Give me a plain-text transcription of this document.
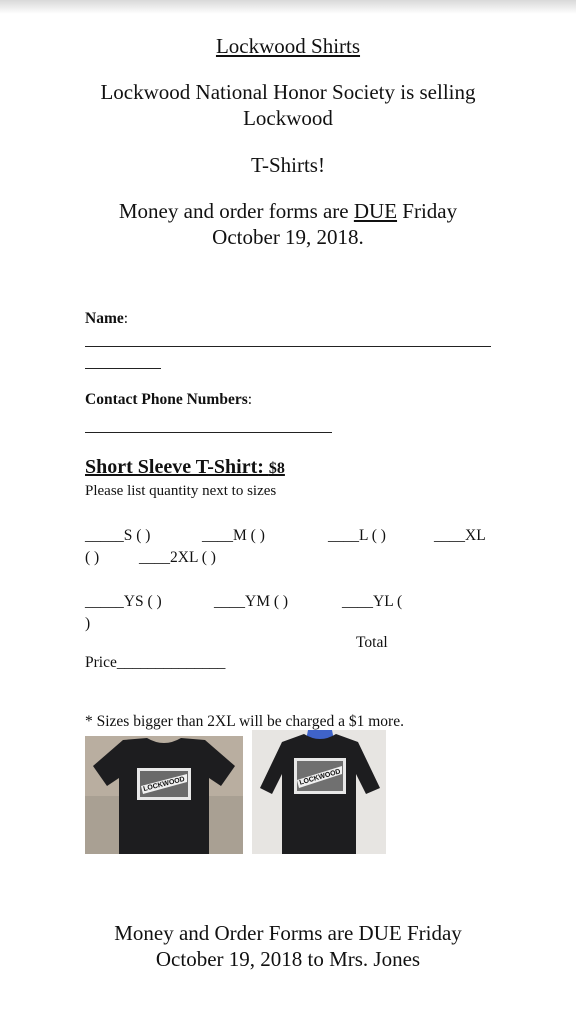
Lockwood Shirts
Lockwood National Honor Society is selling
Lockwood
T-Shirts!
Money and order forms are DUE Friday
October 19, 2018.
Name:
Contact Phone Numbers:
Short Sleeve T-Shirt: $8
Please list quantity next to sizes
_____S ( )	____M ( )	____L ( )	____XL
( )	____2XL ( )
_____YS ( )	____YM ( )	____YL (
)
Total
Price______________
* Sizes bigger than 2XL will be charged a $1 more.
LOCKWOOD	LOCKWOOD
Money and Order Forms are DUE Friday
October 19, 2018 to Mrs. Jones
